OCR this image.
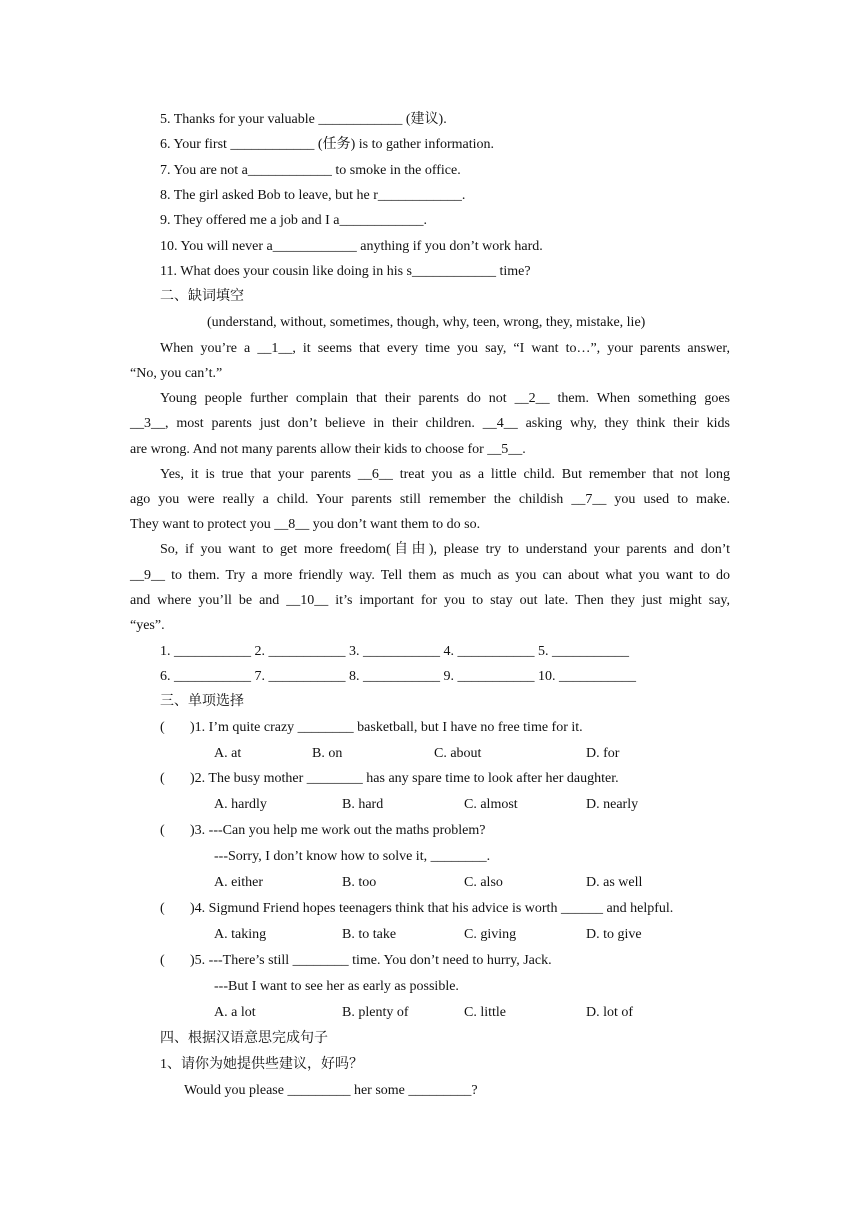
5. Thanks for your valuable ____________ (建议).
6. Your first ____________ (任务) is to gather information.
7. You are not a____________ to smoke in the office.
8. The girl asked Bob to leave, but he r____________.
9. They offered me a job and I a____________.
10. You will never a____________ anything if you don’t work hard.
11. What does your cousin like doing in his s____________ time?
二、缺词填空
(understand, without, sometimes, though, why, teen, wrong, they, mistake, lie)
When you’re a __1__, it seems that every time you say, “I want to…”, your parents answer,
“No, you can’t.”
Young people further complain that their parents do not __2__ them. When something goes
__3__, most parents just don’t believe in their children. __4__ asking why, they think their kids
are wrong. And not many parents allow their kids to choose for __5__.
Yes, it is true that your parents __6__ treat you as a little child. But remember that not long
ago you were really a child. Your parents still remember the childish __7__ you used to make.
They want to protect you __8__ you don’t want them to do so.
So, if you want to get more freedom(自由), please try to understand your parents and don’t
__9__ to them. Try a more friendly way. Tell them as much as you can about what you want to do
and where you’ll be and __10__ it’s important for you to stay out late. Then they just might say,
“yes”.
1. ___________ 2. ___________ 3. ___________ 4. ___________ 5. ___________
6. ___________ 7. ___________ 8. ___________ 9. ___________ 10. ___________
三、单项选择
( )1. I’m quite crazy ________ basketball, but I have no free time for it.
A. at	B. on	C. about	D. for
( )2. The busy mother ________ has any spare time to look after her daughter.
A. hardly	B. hard	C. almost	D. nearly
( )3. ---Can you help me work out the maths problem?
---Sorry, I don’t know how to solve it, ________.
A. either	B. too	C. also	D. as well
( )4. Sigmund Friend hopes teenagers think that his advice is worth ______ and helpful.
A. taking	B. to take	C. giving	D. to give
( )5. ---There’s still ________ time. You don’t need to hurry, Jack.
---But I want to see her as early as possible.
A. a lot	B. plenty of	C. little	D. lot of
四、根据汉语意思完成句子
1、请你为她提供些建议，好吗？
Would you please _________ her some _________?
